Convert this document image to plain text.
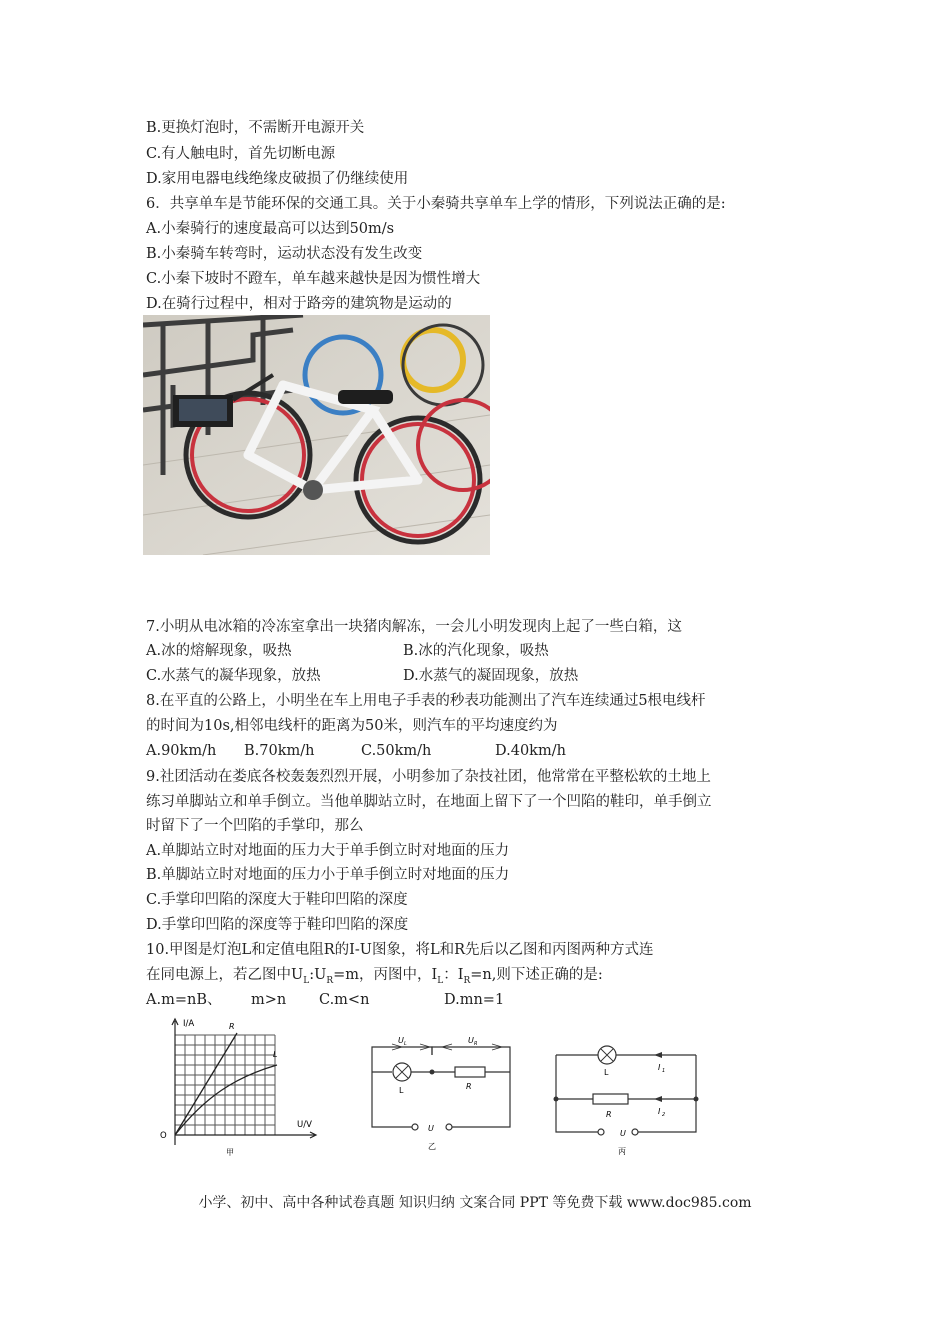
B.更换灯泡时，不需断开电源开关
C.有人触电时，首先切断电源
D.家用电器电线绝缘皮破损了仍继续使用
6．共享单车是节能环保的交通工具。关于小秦骑共享单车上学的情形，下列说法正确的是:
A.小秦骑行的速度最高可以达到50m/s
B.小秦骑车转弯时，运动状态没有发生改变
C.小秦下坡时不蹬车，单车越来越快是因为惯性增大
D.在骑行过程中，相对于路旁的建筑物是运动的
7.小明从电冰箱的冷冻室拿出一块猪肉解冻，一会儿小明发现肉上起了一些白箱，这
A.冰的熔解现象，吸热	B.冰的汽化现象，吸热
C.水蒸气的凝华现象，放热	D.水蒸气的凝固现象，放热
8.在平直的公路上，小明坐在车上用电子手表的秒表功能测出了汽车连续通过5根电线杆
的时间为10s,相邻电线杆的距离为50米，则汽车的平均速度约为
A.90km/h B.70km/h	C.50km/h	D.40km/h
9.社团活动在娄底各校轰轰烈烈开展，小明参加了杂技社团，他常常在平整松软的土地上
练习单脚站立和单手倒立。当他单脚站立时，在地面上留下了一个凹陷的鞋印，单手倒立
时留下了一个凹陷的手掌印，那么
A.单脚站立时对地面的压力大于单手倒立时对地面的压力
B.单脚站立时对地面的压力小于单手倒立时对地面的压力
C.手掌印凹陷的深度大于鞋印凹陷的深度
D.手掌印凹陷的深度等于鞋印凹陷的深度
10.甲图是灯泡L和定值电阻R的I-U图象，将L和R先后以乙图和丙图两种方式连
在同电源上，若乙图中$U_L:U_R=m$，丙图中，$I_L$：$I_R=n$,则下述正确的是:
A.m=nB、 m>n C.m<n	D.mn=1
I/A
U/V
O
R
L
甲
U L	U R
L	R
U
乙
L
R
I 1
I 2
U
丙
小学、初中、高中各种试卷真题 知识归纳 文案合同 PPT 等免费下载 www.doc985.com
